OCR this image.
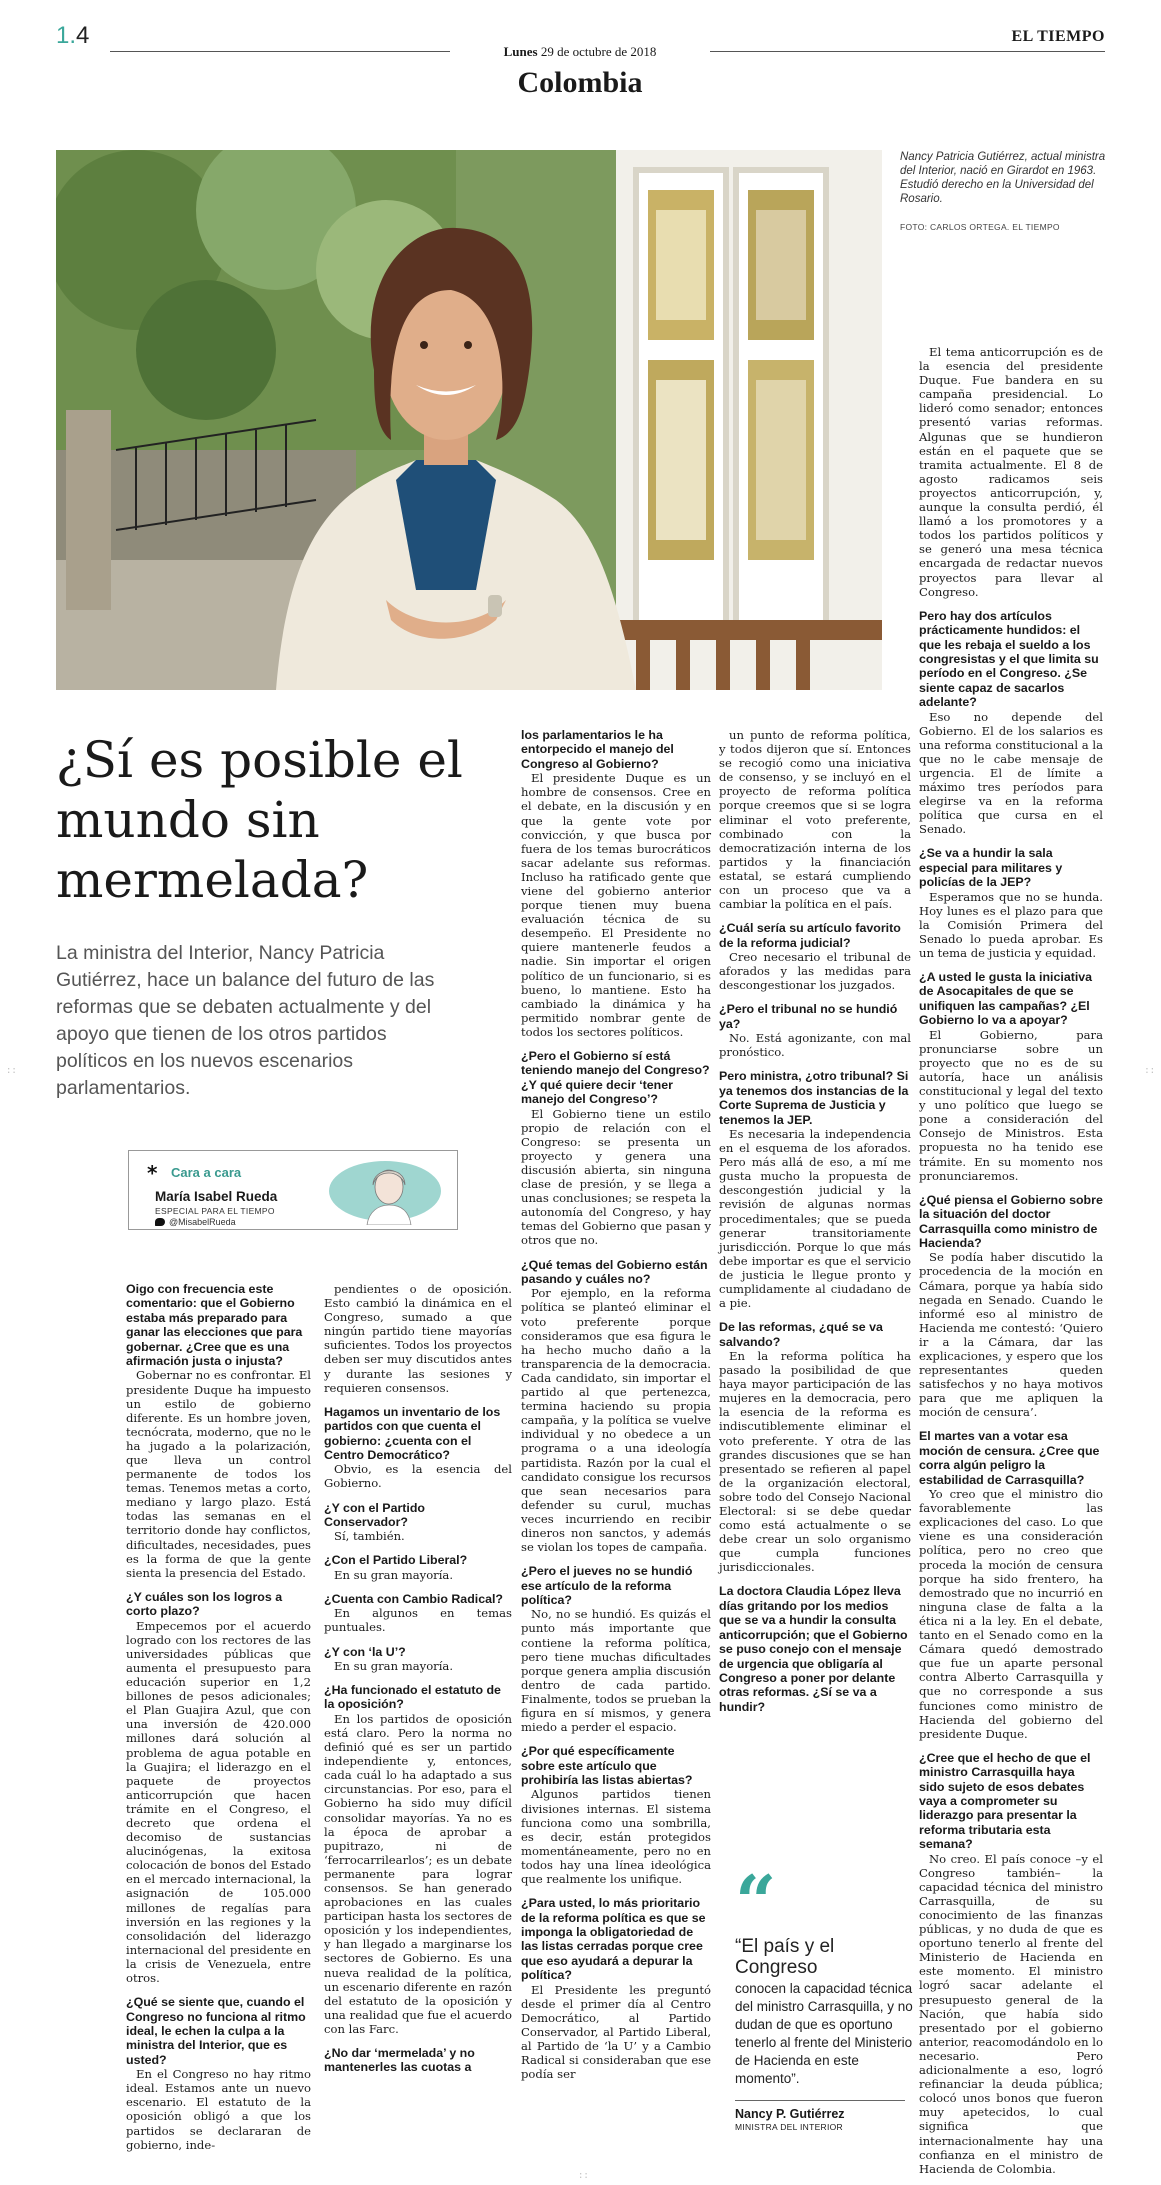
1.4
Lunes 29 de octubre de 2018
EL TIEMPO
Colombia
Nancy Patricia Gutiérrez, actual ministra del Interior, nació en Girardot en 1963. Estudió derecho en la Universidad del Rosario.
FOTO: CARLOS ORTEGA. EL TIEMPO
¿Sí es posible el mundo sin mermelada?

La ministra del Interior, Nancy Patricia Gutiérrez, hace un balance del futuro de las reformas que se debaten actualmente y del apoyo que tienen de los otros partidos políticos en los nuevos escenarios parlamentarios.

* Cara a cara
María Isabel Rueda
ESPECIAL PARA EL TIEMPO
@MisabelRueda
Oigo con frecuencia este comentario: que el Gobierno estaba más preparado para ganar las elecciones que para gobernar. ¿Cree que es una afirmación justa o injusta?
Gobernar no es confrontar. El presidente Duque ha impuesto un estilo de gobierno diferente. Es un hombre joven, tecnócrata, moderno, que no le ha jugado a la polarización, que lleva un control permanente de todos los temas. Tenemos metas a corto, mediano y largo plazo. Está todas las semanas en el territorio donde hay conflictos, dificultades, necesidades, pues es la forma de que la gente sienta la presencia del Estado.
¿Y cuáles son los logros a corto plazo?
Empecemos por el acuerdo logrado con los rectores de las universidades públicas que aumenta el presupuesto para educación superior en 1,2 billones de pesos adicionales; el Plan Guajira Azul, que con una inversión de 420.000 millones dará solución al problema de agua potable en la Guajira; el liderazgo en el paquete de proyectos anticorrupción que hacen trámite en el Congreso, el decreto que ordena el decomiso de sustancias alucinógenas, la exitosa colocación de bonos del Estado en el mercado internacional, la asignación de 105.000 millones de regalías para inversión en las regiones y la consolidación del liderazgo internacional del presidente en la crisis de Venezuela, entre otros.
¿Qué se siente que, cuando el Congreso no funciona al ritmo ideal, le echen la culpa a la ministra del Interior, que es usted?
En el Congreso no hay ritmo ideal. Estamos ante un nuevo escenario. El estatuto de la oposición obligó a que los partidos se declararan de gobierno, inde-
pendientes o de oposición. Esto cambió la dinámica en el Congreso, sumado a que ningún partido tiene mayorías suficientes. Todos los proyectos deben ser muy discutidos antes y durante las sesiones y requieren consensos.
Hagamos un inventario de los partidos con que cuenta el gobierno: ¿cuenta con el Centro Democrático?
Obvio, es la esencia del Gobierno.
¿Y con el Partido Conservador?
Sí, también.
¿Con el Partido Liberal?
En su gran mayoría.
¿Cuenta con Cambio Radical?
En algunos en temas puntuales.
¿Y con ‘la U’?
En su gran mayoría.
¿Ha funcionado el estatuto de la oposición?
En los partidos de oposición está claro. Pero la norma no definió qué es ser un partido independiente y, entonces, cada cuál lo ha adaptado a sus circunstancias. Por eso, para el Gobierno ha sido muy difícil consolidar mayorías. Ya no es la época de aprobar a pupitrazo, ni de ‘ferrocarrilearlos’; es un debate permanente para lograr consensos. Se han generado aprobaciones en las cuales participan hasta los sectores de oposición y los independientes, y han llegado a marginarse los sectores de Gobierno. Es una nueva realidad de la política, un escenario diferente en razón del estatuto de la oposición y una realidad que fue el acuerdo con las Farc.
¿No dar ‘mermelada’ y no mantenerles las cuotas a
los parlamentarios le ha entorpecido el manejo del Congreso al Gobierno?
El presidente Duque es un hombre de consensos. Cree en el debate, en la discusión y en que la gente vote por convicción, y que busca por fuera de los temas burocráticos sacar adelante sus reformas. Incluso ha ratificado gente que viene del gobierno anterior porque tienen muy buena evaluación técnica de su desempeño. El Presidente no quiere mantenerle feudos a nadie. Sin importar el origen político de un funcionario, si es bueno, lo mantiene. Esto ha cambiado la dinámica y ha permitido nombrar gente de todos los sectores políticos.
¿Pero el Gobierno sí está teniendo manejo del Congreso? ¿Y qué quiere decir ‘tener manejo del Congreso’?
El Gobierno tiene un estilo propio de relación con el Congreso: se presenta un proyecto y genera una discusión abierta, sin ninguna clase de presión, y se llega a unas conclusiones; se respeta la autonomía del Congreso, y hay temas del Gobierno que pasan y otros que no.
¿Qué temas del Gobierno están pasando y cuáles no?
Por ejemplo, en la reforma política se planteó eliminar el voto preferente porque consideramos que esa figura le ha hecho mucho daño a la transparencia de la democracia. Cada candidato, sin importar el partido al que pertenezca, termina haciendo su propia campaña, y la política se vuelve individual y no obedece a un programa o a una ideología partidista. Razón por la cual el candidato consigue los recursos que sean necesarios para defender su curul, muchas veces incurriendo en recibir dineros non sanctos, y además se violan los topes de campaña.
¿Pero el jueves no se hundió ese artículo de la reforma política?
No, no se hundió. Es quizás el punto más importante que contiene la reforma política, pero tiene muchas dificultades porque genera amplia discusión dentro de cada partido. Finalmente, todos se prueban la figura en sí mismos, y genera miedo a perder el espacio.
¿Por qué específicamente sobre este artículo que prohibiría las listas abiertas?
Algunos partidos tienen divisiones internas. El sistema funciona como una sombrilla, es decir, están protegidos momentáneamente, pero no en todos hay una línea ideológica que realmente los unifique.
¿Para usted, lo más prioritario de la reforma política es que se imponga la obligatoriedad de las listas cerradas porque cree que eso ayudará a depurar la política?
El Presidente les preguntó desde el primer día al Centro Democrático, al Partido Conservador, al Partido Liberal, al Partido de ‘la U’ y a Cambio Radical si consideraban que ese podía ser
un punto de reforma política, y todos dijeron que sí. Entonces se recogió como una iniciativa de consenso, y se incluyó en el proyecto de reforma política porque creemos que si se logra eliminar el voto preferente, combinado con la democratización interna de los partidos y la financiación estatal, se estará cumpliendo con un proceso que va a cambiar la política en el país.
¿Cuál sería su artículo favorito de la reforma judicial?
Creo necesario el tribunal de aforados y las medidas para descongestionar los juzgados.
¿Pero el tribunal no se hundió ya?
No. Está agonizante, con mal pronóstico.
Pero ministra, ¿otro tribunal? Si ya tenemos dos instancias de la Corte Suprema de Justicia y tenemos la JEP.
Es necesaria la independencia en el esquema de los aforados. Pero más allá de eso, a mí me gusta mucho la propuesta de descongestión judicial y la revisión de algunas normas procedimentales; que se pueda generar transitoriamente jurisdicción. Porque lo que más debe importar es que el servicio de justicia le llegue pronto y cumplidamente al ciudadano de a pie.
De las reformas, ¿qué se va salvando?
En la reforma política ha pasado la posibilidad de que haya mayor participación de las mujeres en la democracia, pero la esencia de la reforma es indiscutiblemente eliminar el voto preferente. Y otra de las grandes discusiones que se han presentado se refieren al papel de la organización electoral, sobre todo del Consejo Nacional Electoral: si se debe quedar como está actualmente o se debe crear un solo organismo que cumpla funciones jurisdiccionales.
La doctora Claudia López lleva días gritando por los medios que se va a hundir la consulta anticorrupción; que el Gobierno se puso conejo con el mensaje de urgencia que obligaría al Congreso a poner por delante otras reformas. ¿Sí se va a hundir?
El tema anticorrupción es de la esencia del presidente Duque. Fue bandera en su campaña presidencial. Lo lideró como senador; entonces presentó varias reformas. Algunas que se hundieron están en el paquete que se tramita actualmente. El 8 de agosto radicamos seis proyectos anticorrupción, y, aunque la consulta perdió, él llamó a los promotores y a todos los partidos políticos y se generó una mesa técnica encargada de redactar nuevos proyectos para llevar al Congreso.
Pero hay dos artículos prácticamente hundidos: el que les rebaja el sueldo a los congresistas y el que limita su período en el Congreso. ¿Se siente capaz de sacarlos adelante?
Eso no depende del Gobierno. El de los salarios es una reforma constitucional a la que no le cabe mensaje de urgencia. El de límite a máximo tres períodos para elegirse va en la reforma política que cursa en el Senado.
¿Se va a hundir la sala especial para militares y policías de la JEP?
Esperamos que no se hunda. Hoy lunes es el plazo para que la Comisión Primera del Senado lo pueda aprobar. Es un tema de justicia y equidad.
¿A usted le gusta la iniciativa de Asocapitales de que se unifiquen las campañas? ¿El Gobierno lo va a apoyar?
El Gobierno, para pronunciarse sobre un proyecto que no es de su autoría, hace un análisis constitucional y legal del texto y uno político que luego se pone a consideración del Consejo de Ministros. Esta propuesta no ha tenido ese trámite. En su momento nos pronunciaremos.
¿Qué piensa el Gobierno sobre la situación del doctor Carrasquilla como ministro de Hacienda?
Se podía haber discutido la procedencia de la moción en Cámara, porque ya había sido negada en Senado. Cuando le informé eso al ministro de Hacienda me contestó: ‘Quiero ir a la Cámara, dar las explicaciones, y espero que los representantes queden satisfechos y no haya motivos para que me apliquen la moción de censura’.
El martes van a votar esa moción de censura. ¿Cree que corra algún peligro la estabilidad de Carrasquilla?
Yo creo que el ministro dio favorablemente las explicaciones del caso. Lo que viene es una consideración política, pero no creo que proceda la moción de censura porque ha sido frentero, ha demostrado que no incurrió en ninguna clase de falta a la ética ni a la ley. En el debate, tanto en el Senado como en la Cámara quedó demostrado que fue un aparte personal contra Alberto Carrasquilla y que no corresponde a sus funciones como ministro de Hacienda del gobierno del presidente Duque.
¿Cree que el hecho de que el ministro Carrasquilla haya sido sujeto de esos debates vaya a comprometer su liderazgo para presentar la reforma tributaria esta semana?
No creo. El país conoce –y el Congreso también– la capacidad técnica del ministro Carrasquilla, de su conocimiento de las finanzas públicas, y no duda de que es oportuno tenerlo al frente del Ministerio de Hacienda en este momento. El ministro logró sacar adelante el presupuesto general de la Nación, que había sido presentado por el gobierno anterior, reacomodándolo en lo necesario. Pero adicionalmente a eso, logró refinanciar la deuda pública; colocó unos bonos que fueron muy apetecidos, lo cual significa que internacionalmente hay una confianza en el ministro de Hacienda de Colombia.
“
“El país y el Congreso
conocen la capacidad técnica del ministro Carrasquilla, y no dudan de que es oportuno tenerlo al frente del Ministerio de Hacienda en este momento”.
Nancy P. Gutiérrez
MINISTRA DEL INTERIOR
::	::
::
